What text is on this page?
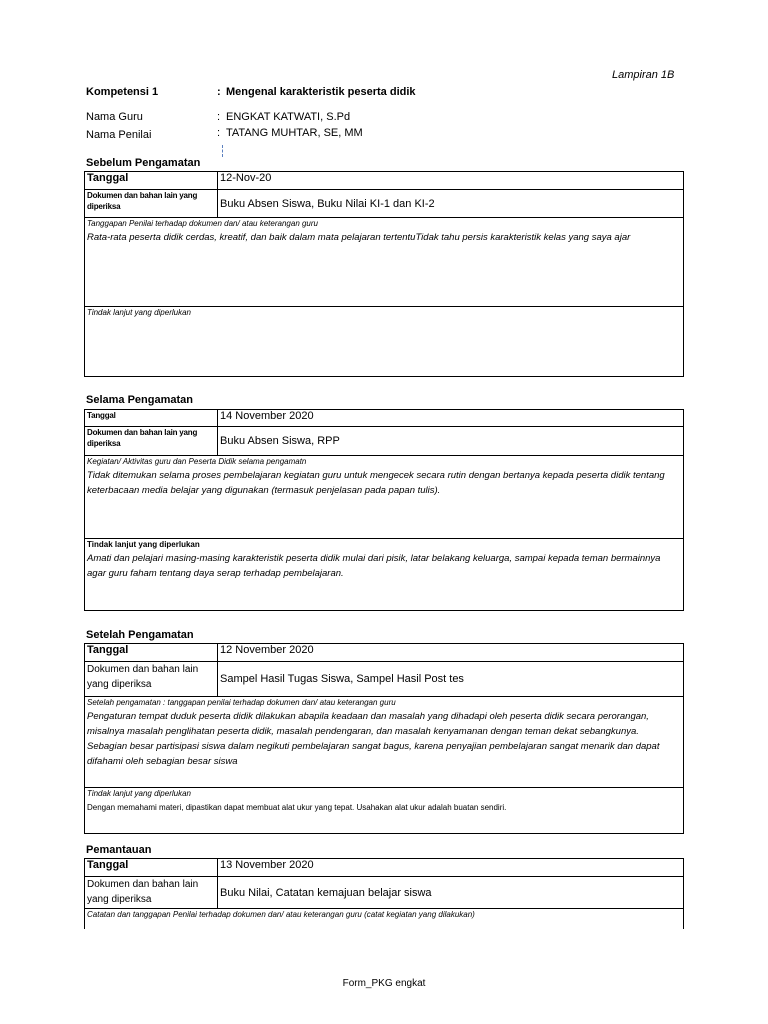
Lampiran 1B
Kompetensi 1	: Mengenal karakteristik peserta didik
Nama Guru	: ENGKAT KATWATI, S.Pd
Nama Penilai	: TATANG MUHTAR, SE, MM
Sebelum Pengamatan
Tanggal	12-Nov-20
Dokumen dan bahan lain yang diperiksa	Buku Absen Siswa, Buku Nilai KI-1 dan KI-2

Tanggapan Penilai terhadap dokumen dan/ atau keterangan guru
Rata-rata peserta didik cerdas, kreatif, dan baik dalam mata pelajaran tertentuTidak tahu persis karakteristik kelas yang saya ajar	

Tindak lanjut yang diperlukan	
Selama Pengamatan
Tanggal	14 November 2020
Dokumen dan bahan lain yang diperiksa	Buku Absen Siswa, RPP

Kegiatan/ Aktivitas guru dan Peserta Didik selama pengamatn
Tidak ditemukan selama proses pembelajaran kegiatan guru untuk mengecek secara rutin dengan bertanya kepada peserta didik tentang keterbacaan media belajar yang digunakan (termasuk penjelasan pada papan tulis).	

Tindak lanjut yang diperlukan
Amati dan pelajari masing-masing karakteristik peserta didik mulai dari pisik, latar belakang keluarga, sampai kepada teman bermainnya agar guru faham tentang daya serap terhadap pembelajaran.	
Setelah Pengamatan
Tanggal	12 November 2020
Dokumen dan bahan lain yang diperiksa	Sampel Hasil Tugas Siswa, Sampel Hasil Post tes

Setelah pengamatan : tanggapan penilai terhadap dokumen dan/ atau keterangan guru
Pengaturan tempat duduk peserta didik dilakukan abapila keadaan dan masalah yang dihadapi oleh peserta didik secara perorangan, misalnya masalah penglihatan peserta didik, masalah pendengaran, dan masalah kenyamanan dengan teman dekat sebangkunya. Sebagian besar partisipasi siswa dalam negikuti pembelajaran sangat bagus, karena penyajian pembelajaran sangat menarik dan dapat difahami oleh sebagian besar siswa	

Tindak lanjut yang diperlukan
Dengan memahami materi, dipastikan dapat membuat alat ukur yang tepat. Usahakan alat ukur adalah buatan sendiri.	
Pemantauan
Tanggal	13 November 2020
Dokumen dan bahan lain yang diperiksa	Buku Nilai, Catatan kemajuan belajar siswa

Catatan dan tanggapan Penilai terhadap dokumen dan/ atau keterangan guru (catat kegiatan yang dilakukan)	
Form_PKG engkat
